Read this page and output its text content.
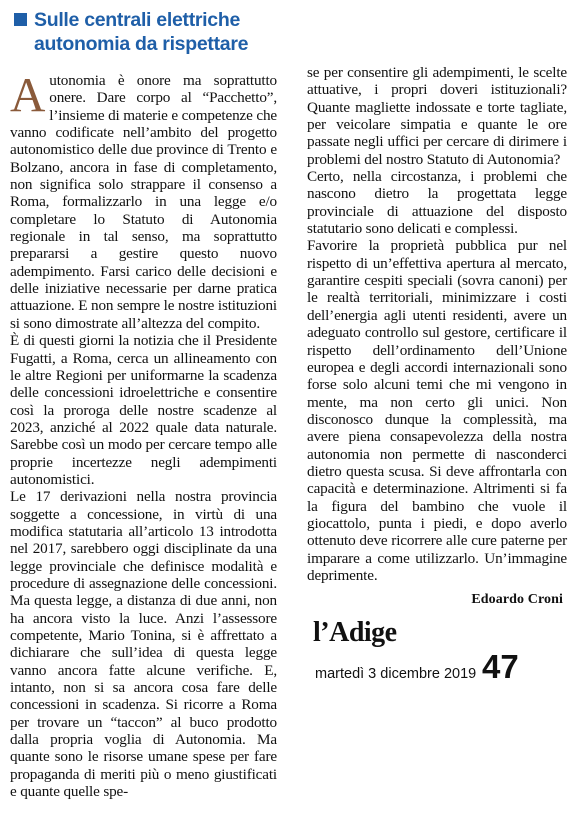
Sulle centrali elettriche
autonomia da rispettare

Autonomia è onore ma soprattutto onere. Dare corpo al “Pacchetto”, l’insieme di materie e competenze che vanno codificate nell’ambito del progetto autonomistico delle due province di Trento e Bolzano, ancora in fase di completamento, non significa solo strappare il consenso a Roma, formalizzarlo in una legge e/o completare lo Statuto di Autonomia regionale in tal senso, ma soprattutto prepararsi a gestire questo nuovo adempimento. Farsi carico delle decisioni e delle iniziative necessarie per darne pratica attuazione. E non sempre le nostre istituzioni si sono dimostrate all’altezza del compito.

È di questi giorni la notizia che il Presidente Fugatti, a Roma, cerca un allineamento con le altre Regioni per uniformarne la scadenza delle concessioni idroelettriche e consentire così la proroga delle nostre scadenze al 2023, anziché al 2022 quale data naturale. Sarebbe così un modo per cercare tempo alle proprie incertezze negli adempimenti autonomistici.

Le 17 derivazioni nella nostra provincia soggette a concessione, in virtù di una modifica statutaria all’articolo 13 introdotta nel 2017, sarebbero oggi disciplinate da una legge provinciale che definisce modalità e procedure di assegnazione delle concessioni. Ma questa legge, a distanza di due anni, non ha ancora visto la luce. Anzi l’assessore competente, Mario Tonina, si è affrettato a dichiarare che sull’idea di questa legge vanno ancora fatte alcune verifiche. E, intanto, non si sa ancora cosa fare delle concessioni in scadenza. Si ricorre a Roma per trovare un “taccon” al buco prodotto dalla propria voglia di Autonomia. Ma quante sono le risorse umane spese per fare propaganda di meriti più o meno giustificati e quante quelle spe-

se per consentire gli adempimenti, le scelte attuative, i propri doveri istituzionali? Quante magliette indossate e torte tagliate, per veicolare simpatia e quante le ore passate negli uffici per cercare di dirimere i problemi del nostro Statuto di Autonomia?

Certo, nella circostanza, i problemi che nascono dietro la progettata legge provinciale di attuazione del disposto statutario sono delicati e complessi.

Favorire la proprietà pubblica pur nel rispetto di un’effettiva apertura al mercato, garantire cespiti speciali (sovra canoni) per le realtà territoriali, minimizzare i costi dell’energia agli utenti residenti, avere un adeguato controllo sul gestore, certificare il rispetto dell’ordinamento dell’Unione europea e degli accordi internazionali sono forse solo alcuni temi che mi vengono in mente, ma non certo gli unici. Non disconosco dunque la complessità, ma avere piena consapevolezza della nostra autonomia non permette di nasconderci dietro questa scusa. Si deve affrontarla con capacità e determinazione. Altrimenti si fa la figura del bambino che vuole il giocattolo, punta i piedi, e dopo averlo ottenuto deve ricorrere alle cure paterne per imparare a come utilizzarlo. Un’immagine deprimente.

Edoardo Croni
l’Adige
martedì 3 dicembre 2019 47
